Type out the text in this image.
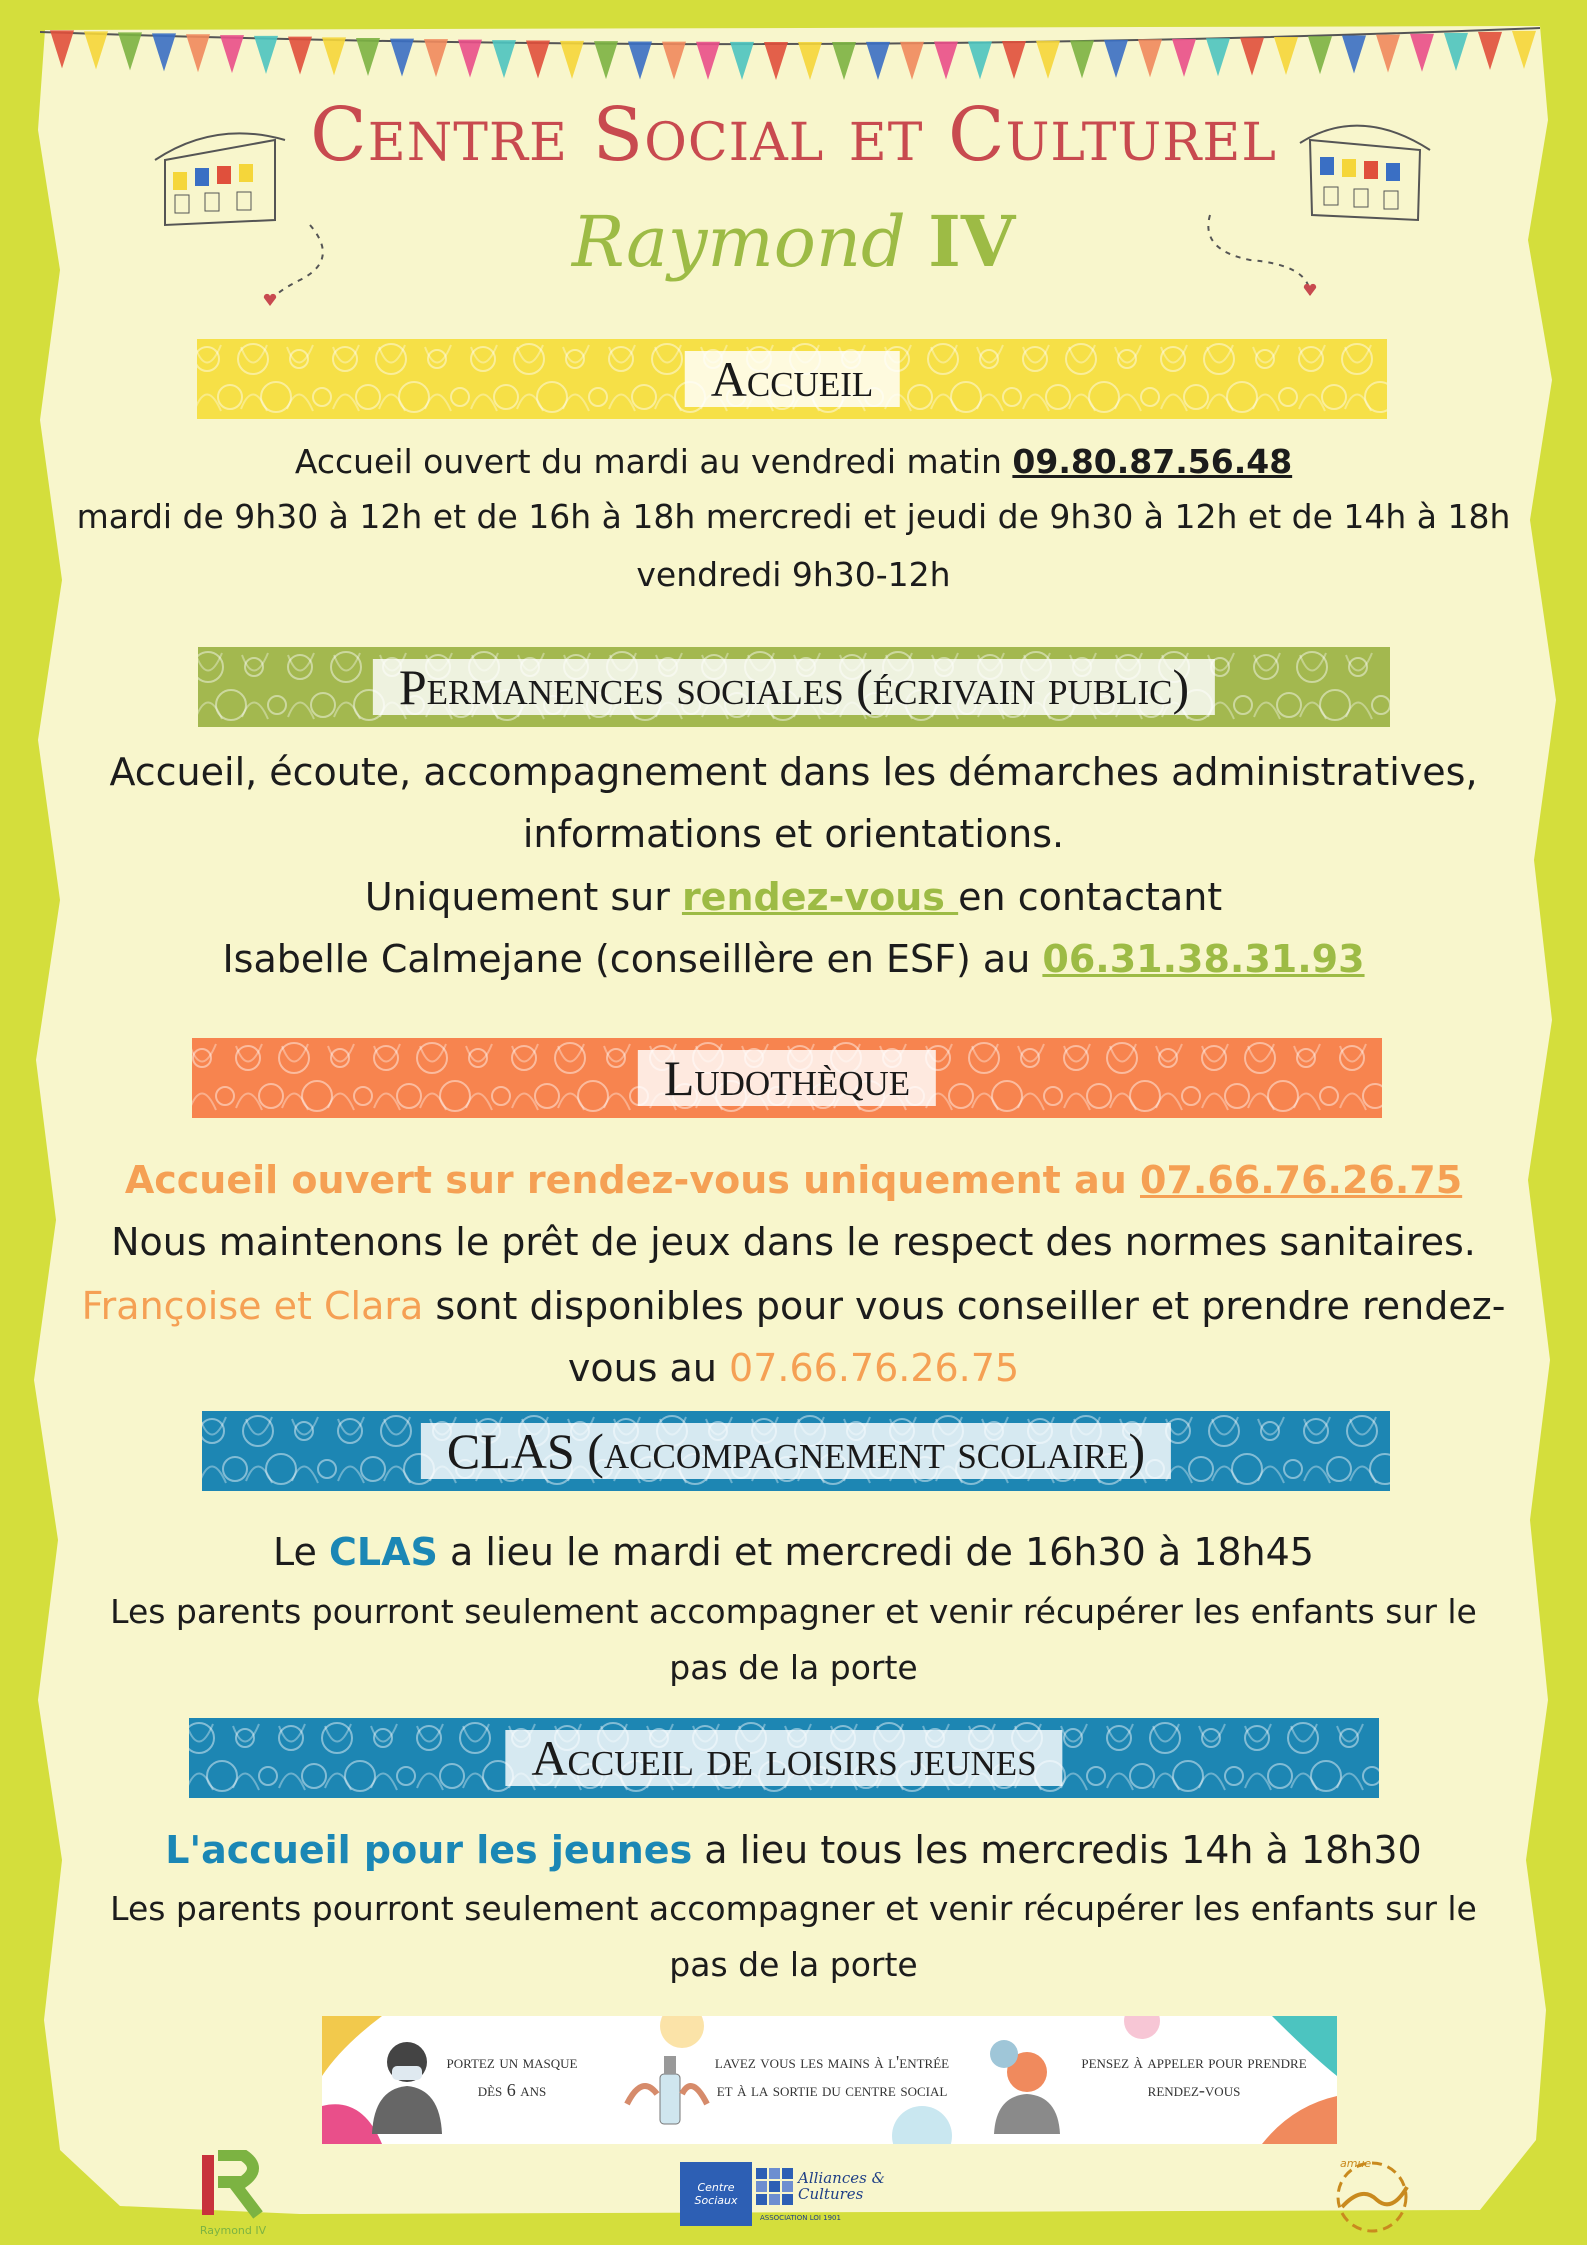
Centre Social et Culturel
Raymond IV
Accueil
Accueil ouvert du mardi au vendredi matin 09.80.87.56.48
mardi de 9h30 à 12h et de 16h à 18h mercredi et jeudi de 9h30 à 12h et de 14h à 18h
vendredi 9h30-12h
Permanences sociales (écrivain public)
Accueil, écoute, accompagnement dans les démarches administratives,
informations et orientations.
Uniquement sur rendez-vous en contactant
Isabelle Calmejane (conseillère en ESF) au 06.31.38.31.93
Ludothèque
Accueil ouvert sur rendez-vous uniquement au 07.66.76.26.75
Nous maintenons le prêt de jeux dans le respect des normes sanitaires.
Françoise et Clara sont disponibles pour vous conseiller et prendre rendez-
vous au 07.66.76.26.75
CLAS (accompagnement scolaire)
Le CLAS a lieu le mardi et mercredi de 16h30 à 18h45
Les parents pourront seulement accompagner et venir récupérer les enfants sur le
pas de la porte
Accueil de loisirs jeunes
L'accueil pour les jeunes a lieu tous les mercredis 14h à 18h30
Les parents pourront seulement accompagner et venir récupérer les enfants sur le
pas de la porte
portez un masque
dès 6 ans
lavez vous les mains à l'entrée
et à la sortie du centre social
pensez à appeler pour prendre
rendez-vous
Raymond IV
Centre Sociaux
Alliances & Cultures
ASSOCIATION LOI 1901
amue
